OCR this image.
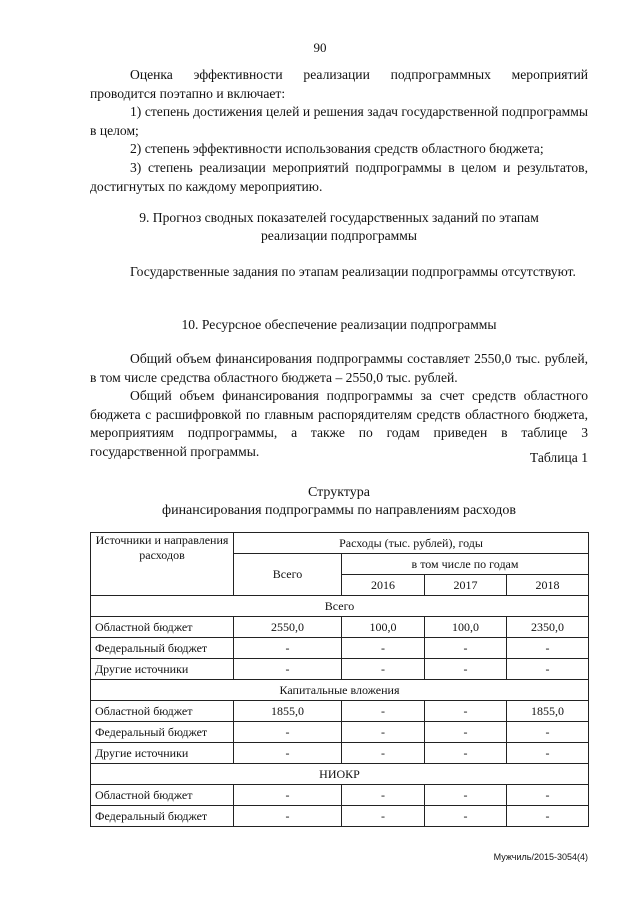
90
Оценка эффективности реализации подпрограммных мероприятий проводится поэтапно и включает:
1) степень достижения целей и решения задач государственной подпрограммы в целом;
2) степень эффективности использования средств областного бюджета;
3) степень реализации мероприятий подпрограммы в целом и результатов, достигнутых по каждому мероприятию.
9. Прогноз сводных показателей государственных заданий по этапам
реализации подпрограммы
Государственные задания по этапам реализации подпрограммы отсутствуют.
10. Ресурсное обеспечение реализации подпрограммы
Общий объем финансирования подпрограммы составляет 2550,0 тыс. рублей, в том числе средства областного бюджета – 2550,0 тыс. рублей.
Общий объем финансирования подпрограммы за счет средств областного бюджета с расшифровкой по главным распорядителям средств областного бюджета, мероприятиям подпрограммы, а также по годам приведен в таблице 3 государственной программы.	Таблица 1
Структура
финансирования подпрограммы по направлениям расходов
Источники и направления расходов	Расходы (тыс. рублей), годы			
	Всего	в том числе по годам		
		2016	2017	2018
Всего				
Областной бюджет	2550,0	100,0	100,0	2350,0
Федеральный бюджет	-	-	-	-
Другие источники	-	-	-	-
Капитальные вложения				
Областной бюджет	1855,0	-	-	1855,0
Федеральный бюджет	-	-	-	-
Другие источники	-	-	-	-
НИОКР				
Областной бюджет	-	-	-	-
Федеральный бюджет	-	-	-	-
Мужчиль/2015-3054(4)
